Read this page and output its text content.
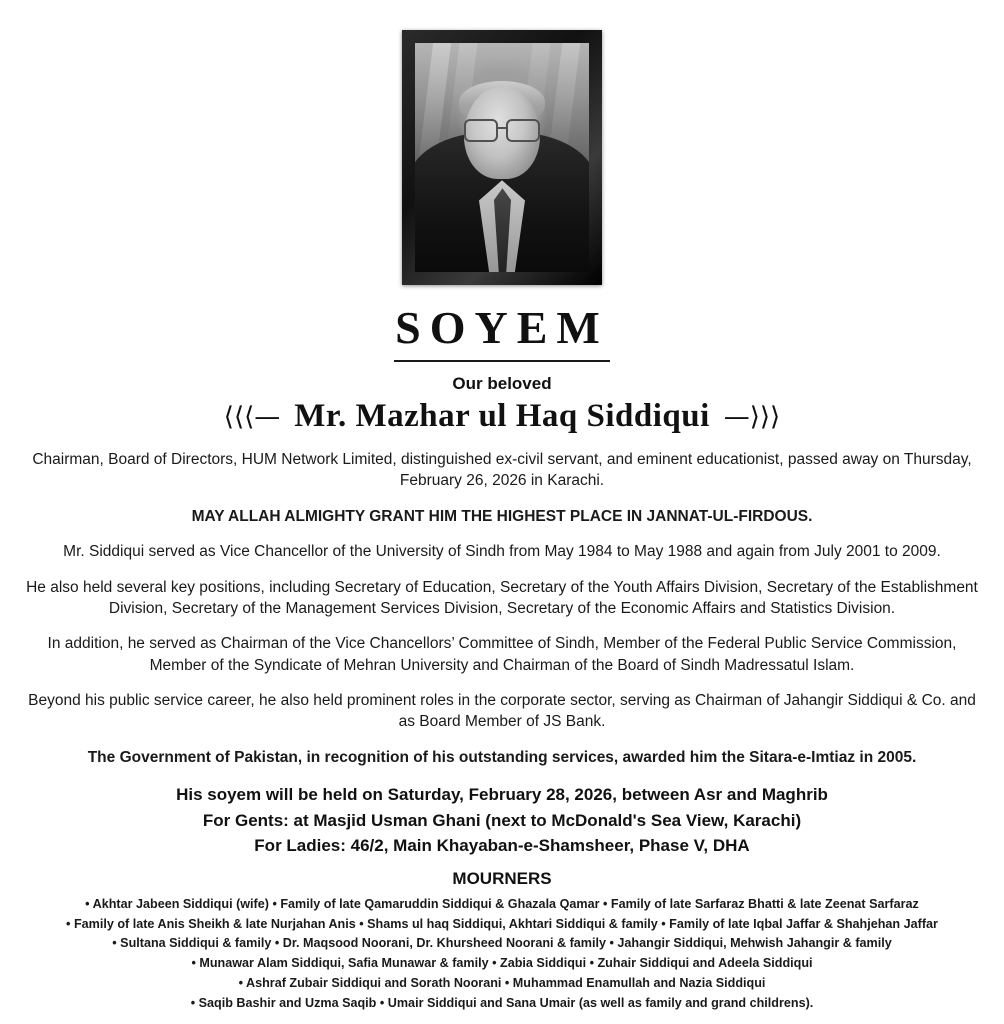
SOYEM
Our beloved
⟨⟨⟨— Mr. Mazhar ul Haq Siddiqui —⟩⟩⟩

Chairman, Board of Directors, HUM Network Limited, distinguished ex-civil servant, and eminent educationist, passed away on Thursday, February 26, 2026 in Karachi.

MAY ALLAH ALMIGHTY GRANT HIM THE HIGHEST PLACE IN JANNAT-UL-FIRDOUS.

Mr. Siddiqui served as Vice Chancellor of the University of Sindh from May 1984 to May 1988 and again from July 2001 to 2009.

He also held several key positions, including Secretary of Education, Secretary of the Youth Affairs Division, Secretary of the Establishment Division, Secretary of the Management Services Division, Secretary of the Economic Affairs and Statistics Division.

In addition, he served as Chairman of the Vice Chancellors’ Committee of Sindh, Member of the Federal Public Service Commission, Member of the Syndicate of Mehran University and Chairman of the Board of Sindh Madressatul Islam.

Beyond his public service career, he also held prominent roles in the corporate sector, serving as Chairman of Jahangir Siddiqui & Co. and as Board Member of JS Bank.

The Government of Pakistan, in recognition of his outstanding services, awarded him the Sitara-e-Imtiaz in 2005.

His soyem will be held on Saturday, February 28, 2026, between Asr and Maghrib
For Gents: at Masjid Usman Ghani (next to McDonald's Sea View, Karachi)
For Ladies: 46/2, Main Khayaban-e-Shamsheer, Phase V, DHA
MOURNERS
• Akhtar Jabeen Siddiqui (wife) • Family of late Qamaruddin Siddiqui & Ghazala Qamar • Family of late Sarfaraz Bhatti & late Zeenat Sarfaraz
• Family of late Anis Sheikh & late Nurjahan Anis • Shams ul haq Siddiqui, Akhtari Siddiqui & family • Family of late Iqbal Jaffar & Shahjehan Jaffar
• Sultana Siddiqui & family • Dr. Maqsood Noorani, Dr. Khursheed Noorani & family • Jahangir Siddiqui, Mehwish Jahangir & family
• Munawar Alam Siddiqui, Safia Munawar & family • Zabia Siddiqui • Zuhair Siddiqui and Adeela Siddiqui
• Ashraf Zubair Siddiqui and Sorath Noorani • Muhammad Enamullah and Nazia Siddiqui
• Saqib Bashir and Uzma Saqib • Umair Siddiqui and Sana Umair (as well as family and grand childrens).
